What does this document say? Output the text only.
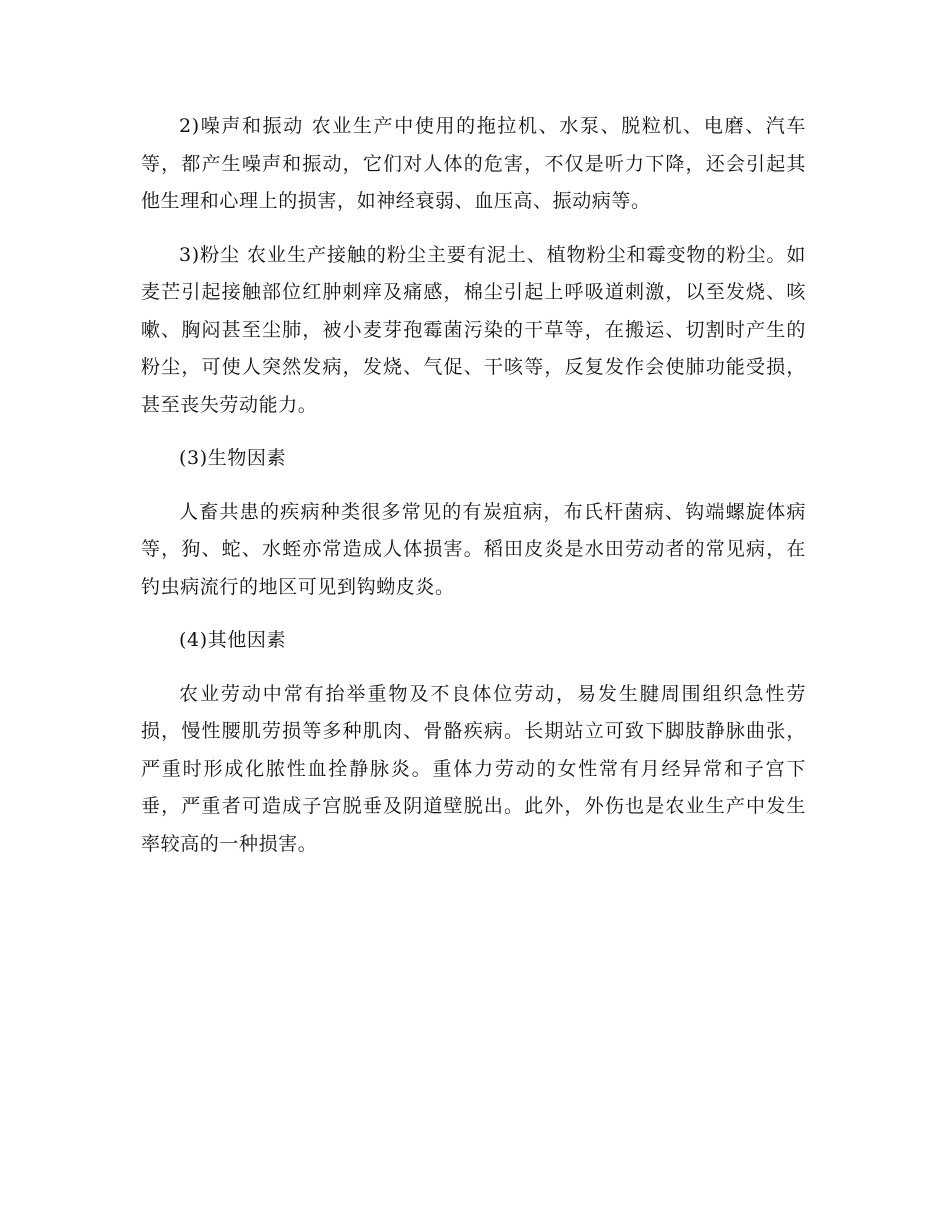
2)噪声和振动 农业生产中使用的拖拉机、水泵、脱粒机、电磨、汽车等，都产生噪声和振动，它们对人体的危害，不仅是听力下降，还会引起其他生理和心理上的损害，如神经衰弱、血压高、振动病等。

3)粉尘 农业生产接触的粉尘主要有泥土、植物粉尘和霉变物的粉尘。如麦芒引起接触部位红肿刺痒及痛感，棉尘引起上呼吸道刺激，以至发烧、咳嗽、胸闷甚至尘肺，被小麦芽孢霉菌污染的干草等，在搬运、切割时产生的粉尘，可使人突然发病，发烧、气促、干咳等，反复发作会使肺功能受损，甚至丧失劳动能力。

(3)生物因素

人畜共患的疾病种类很多常见的有炭疽病，布氏杆菌病、钩端螺旋体病等，狗、蛇、水蛭亦常造成人体损害。稻田皮炎是水田劳动者的常见病，在钓虫病流行的地区可见到钩蚴皮炎。

(4)其他因素

农业劳动中常有抬举重物及不良体位劳动，易发生腱周围组织急性劳损，慢性腰肌劳损等多种肌肉、骨骼疾病。长期站立可致下脚肢静脉曲张，严重时形成化脓性血拴静脉炎。重体力劳动的女性常有月经异常和子宫下垂，严重者可造成子宫脱垂及阴道壁脱出。此外，外伤也是农业生产中发生率较高的一种损害。
